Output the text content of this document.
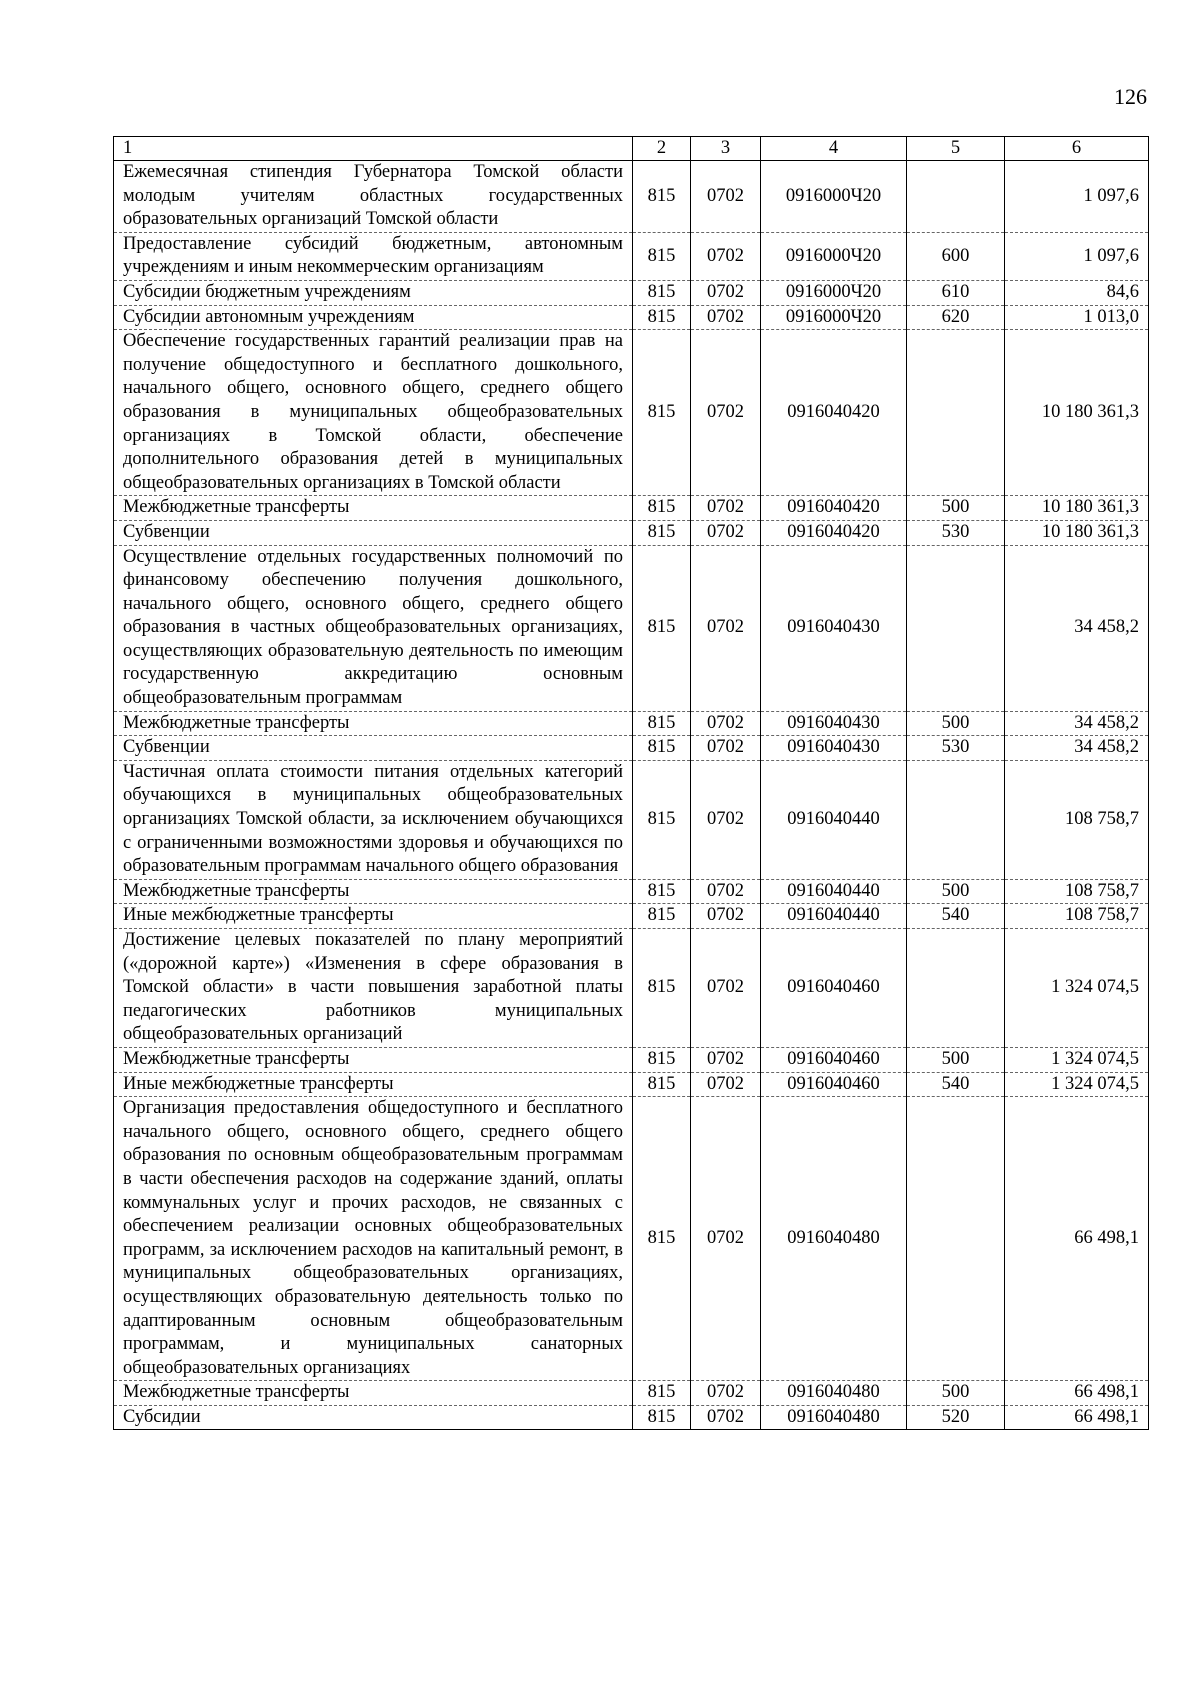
126
1	2	3	4	5	6
Ежемесячная стипендия Губернатора Томской области молодым учителям областных государственных образовательных организаций Томской области	815	0702	0916000Ч20		1 097,6
Предоставление субсидий бюджетным, автономным учреждениям и иным некоммерческим организациям	815	0702	0916000Ч20	600	1 097,6
Субсидии бюджетным учреждениям	815	0702	0916000Ч20	610	84,6
Субсидии автономным учреждениям	815	0702	0916000Ч20	620	1 013,0
Обеспечение государственных гарантий реализации прав на получение общедоступного и бесплатного дошкольного, начального общего, основного общего, среднего общего образования в муниципальных общеобразовательных организациях в Томской области, обеспечение дополнительного образования детей в муниципальных общеобразовательных организациях в Томской области	815	0702	0916040420		10 180 361,3
Межбюджетные трансферты	815	0702	0916040420	500	10 180 361,3
Субвенции	815	0702	0916040420	530	10 180 361,3
Осуществление отдельных государственных полномочий по финансовому обеспечению получения дошкольного, начального общего, основного общего, среднего общего образования в частных общеобразовательных организациях, осуществляющих образовательную деятельность по имеющим государственную аккредитацию основным общеобразовательным программам	815	0702	0916040430		34 458,2
Межбюджетные трансферты	815	0702	0916040430	500	34 458,2
Субвенции	815	0702	0916040430	530	34 458,2
Частичная оплата стоимости питания отдельных категорий обучающихся в муниципальных общеобразовательных организациях Томской области, за исключением обучающихся с ограниченными возможностями здоровья и обучающихся по образовательным программам начального общего образования	815	0702	0916040440		108 758,7
Межбюджетные трансферты	815	0702	0916040440	500	108 758,7
Иные межбюджетные трансферты	815	0702	0916040440	540	108 758,7
Достижение целевых показателей по плану мероприятий («дорожной карте») «Изменения в сфере образования в Томской области» в части повышения заработной платы педагогических работников муниципальных общеобразовательных организаций	815	0702	0916040460		1 324 074,5
Межбюджетные трансферты	815	0702	0916040460	500	1 324 074,5
Иные межбюджетные трансферты	815	0702	0916040460	540	1 324 074,5
Организация предоставления общедоступного и бесплатного начального общего, основного общего, среднего общего образования по основным общеобразовательным программам в части обеспечения расходов на содержание зданий, оплаты коммунальных услуг и прочих расходов, не связанных с обеспечением реализации основных общеобразовательных программ, за исключением расходов на капитальный ремонт, в муниципальных общеобразовательных организациях, осуществляющих образовательную деятельность только по адаптированным основным общеобразовательным программам, и муниципальных санаторных общеобразовательных организациях	815	0702	0916040480		66 498,1
Межбюджетные трансферты	815	0702	0916040480	500	66 498,1
Субсидии	815	0702	0916040480	520	66 498,1
